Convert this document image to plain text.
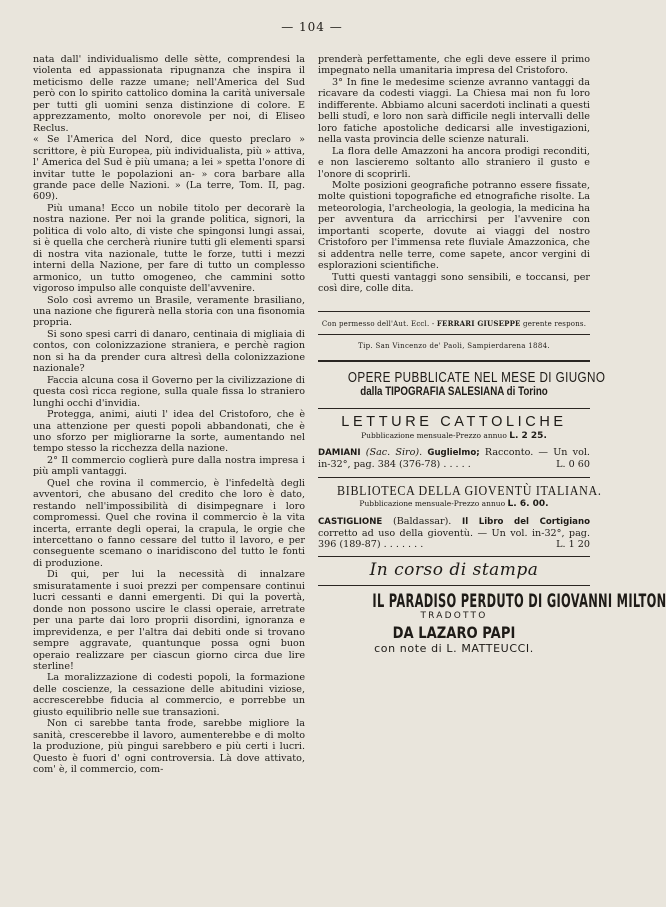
— 104 —

nata dall' individualismo delle sètte, comprendesi la violenta ed appassionata ripugnanza che inspira il meticismo delle razze umane; nell'America del Sud però con lo spirito cattolico domina la carità universale per tutti gli uomini senza distinzione di colore. E apprezzamento, molto onorevole per noi, di Eliseo Reclus.

« Se l'America del Nord, dice questo preclaro » scrittore, è più Europea, più individualista, più » attiva, l' America del Sud è più umana; a lei » spetta l'onore di invitar tutte le popolazioni an- » cora barbare alla grande pace delle Nazioni. » (La terre, Tom. II, pag. 609).

Più umana! Ecco un nobile titolo per decorarè la nostra nazione. Per noi la grande politica, signori, la politica di volo alto, di viste che spingonsi lungi assai, si è quella che cercherà riunire tutti gli elementi sparsi di nostra vita nazionale, tutte le forze, tutti i mezzi interni della Nazione, per fare di tutto un complesso armonico, un tutto omogeneo, che cammini sotto vigoroso impulso alle conquiste dell'avvenire.

Solo così avremo un Brasile, veramente brasiliano, una nazione che figurerà nella storia con una fisonomia propria.

Si sono spesi carri di danaro, centinaia di migliaia di contos, con colonizzazione straniera, e perchè ragion non si ha da prender cura altresì della colonizzazione nazionale?

Faccia alcuna cosa il Governo per la civilizzazione di questa così ricca regione, sulla quale fissa lo straniero lunghi occhi d'invidia.

Protegga, animi, aiuti l' idea del Cristoforo, che è una attenzione per questi popoli abbandonati, che è uno sforzo per migliorarne la sorte, aumentando nel tempo stesso la ricchezza della nazione.

2° Il commercio coglierà pure dalla nostra impresa i più ampli vantaggi.

Quel che rovina il commercio, è l'infedeltà degli avventori, che abusano del credito che loro è dato, restando nell'impossibilità di disimpegnare i loro compromessi. Quel che rovina il commercio è la vita incerta, errante degli operai, la crapula, le orgie che intercettano o fanno cessare del tutto il lavoro, e per conseguente scemano o inaridiscono del tutto le fonti di produzione.

Di qui, per lui la necessità di innalzare smisuratamente i suoi prezzi per compensare continui lucri cessanti e danni emergenti. Di qui la povertà, donde non possono uscire le classi operaie, arretrate per una parte dai loro proprii disordini, ignoranza e imprevidenza, e per l'altra dai debiti onde si trovano sempre aggravate, quantunque possa ogni buon operaio realizzare per ciascun giorno circa due lire sterline!

La moralizzazione di codesti popoli, la formazione delle coscienze, la cessazione delle abitudini viziose, accrescerebbe fiducia al commercio, e porrebbe un giusto equilibrio nelle sue transazioni.

Non ci sarebbe tanta frode, sarebbe migliore la sanità, crescerebbe il lavoro, aumenterebbe e di molto la produzione, più pingui sarebbero e più certi i lucri. Questo è fuori d' ogni controversia. Là dove attivato, com' è, il commercio, com-

prenderà perfettamente, che egli deve essere il primo impegnato nella umanitaria impresa del Cristoforo.

3° In fine le medesime scienze avranno vantaggi da ricavare da codesti viaggi. La Chiesa mai non fu loro indifferente. Abbiamo alcuni sacerdoti inclinati a questi belli studî, e loro non sarà difficile negli intervalli delle loro fatiche apostoliche dedicarsi alle investigazioni, nella vasta provincia delle scienze naturali.

La flora delle Amazzoni ha ancora prodigi reconditi, e non lascieremo soltanto allo straniero il gusto e l'onore di scoprirli.

Molte posizioni geografiche potranno essere fissate, molte quistioni topografiche ed etnografiche risolte. La meteorologia, l'archeologia, la geologia, la medicina ha per avventura da arricchirsi per l'avvenire con importanti scoperte, dovute ai viaggi del nostro Cristoforo per l'immensa rete fluviale Amazzonica, che si addentra nelle terre, come sapete, ancor vergini di esplorazioni scientifiche.

Tutti questi vantaggi sono sensibili, e toccansi, per così dire, colle dita.

Con permesso dell'Aut. Eccl. - FERRARI GIUSEPPE gerente respons.
Tip. San Vincenzo de' Paoli, Sampierdarena 1884.
OPERE PUBBLICATE NEL MESE DI GIUGNO
dalla TIPOGRAFIA SALESIANA di Torino
LETTURE CATTOLICHE
Pubblicazione mensuale-Prezzo annuo L. 2 25.
DAMIANI (Sac. Siro). Guglielmo; Racconto. — Un vol. in-32°, pag. 384 (376-78) . . . . .	L. 0 60
BIBLIOTECA DELLA GIOVENTÙ ITALIANA.
Pubblicazione mensuale-Prezzo annuo L. 6. 00.
CASTIGLIONE (Baldassar). Il Libro del Cortigiano corretto ad uso della gioventù. — Un vol. in-32°, pag. 396 (189-87) . . . . . . .	L. 1 20
In corso di stampa
IL PARADISO PERDUTO DI GIOVANNI MILTON
TRADOTTO
DA LAZARO PAPI
con note di L. MATTEUCCI.
